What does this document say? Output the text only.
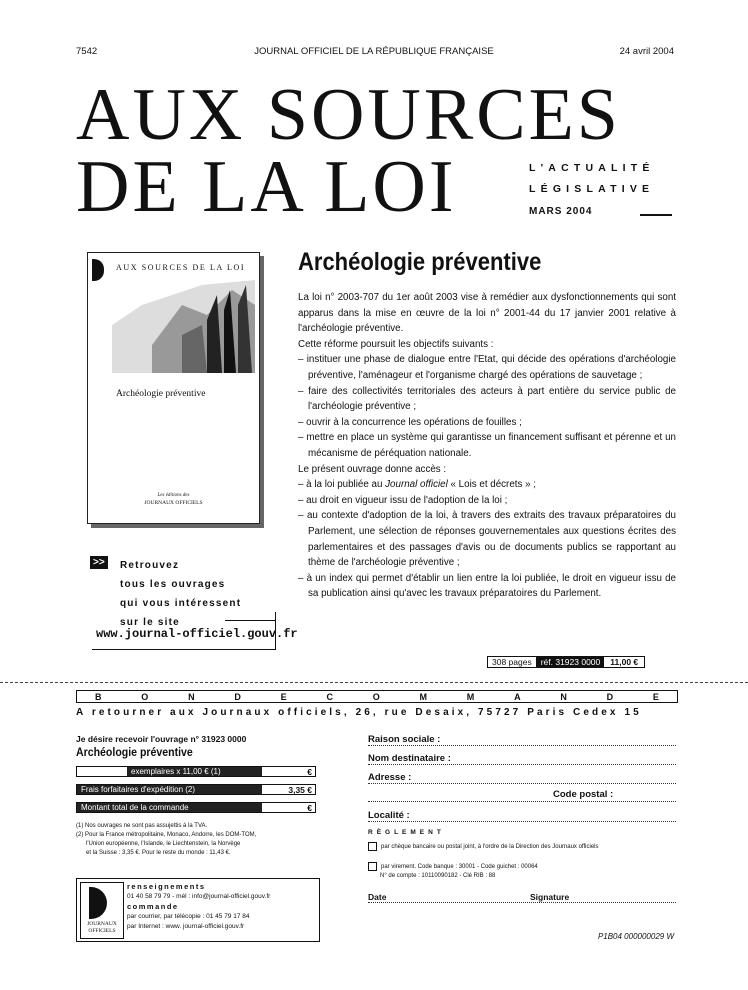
7542	JOURNAL OFFICIEL DE LA RÉPUBLIQUE FRANÇAISE	24 avril 2004
AUX SOURCES
DE LA LOI	L'ACTUALITÉ
LÉGISLATIVE
MARS 2004
AUX SOURCES DE LA LOI
Archéologie préventive
Les éditions des
JOURNAUX OFFICIELS
Archéologie préventive

La loi n° 2003-707 du 1er août 2003 vise à remédier aux dysfonctionnements qui sont apparus dans la mise en œuvre de la loi n° 2001-44 du 17 janvier 2001 relative à l'archéologie préventive.

Cette réforme poursuit les objectifs suivants :

– instituer une phase de dialogue entre l'Etat, qui décide des opérations d'archéologie préventive, l'aménageur et l'organisme chargé des opérations de sauvetage ;

– faire des collectivités territoriales des acteurs à part entière du service public de l'archéologie préventive ;

– ouvrir à la concurrence les opérations de fouilles ;

– mettre en place un système qui garantisse un financement suffisant et pérenne et un mécanisme de péréquation nationale.

Le présent ouvrage donne accès :

– à la loi publiée au Journal officiel « Lois et décrets » ;

– au droit en vigueur issu de l'adoption de la loi ;

– au contexte d'adoption de la loi, à travers des extraits des travaux préparatoires du Parlement, une sélection de réponses gouvernementales aux questions écrites des parlementaires et des passages d'avis ou de documents publics se rapportant au thème de l'archéologie préventive ;

– à un index qui permet d'établir un lien entre la loi publiée, le droit en vigueur issu de sa publication ainsi qu'avec les travaux préparatoires du Parlement.

>>	Retrouvez
tous les ouvrages
qui vous intéressent
sur le site
www.journal-officiel.gouv.fr
308 pages	réf. 31923 0000	11,00 €
B	O	N	D	E	C	O	M	M	A	N	D	E
A retourner aux Journaux officiels, 26, rue Desaix, 75727 Paris Cedex 15
Je désire recevoir l'ouvrage n° 31923 0000
Archéologie préventive
exemplaires x 11,00 € (1)	€
Frais forfaitaires d'expédition (2)	3,35 €
Montant total de la commande	€
(1) Nos ouvrages ne sont pas assujettis à la TVA.
(2) Pour la France métropolitaine, Monaco, Andorre, les DOM-TOM,
l'Union européenne, l'Islande, le Liechtenstein, la Norvège
et la Suisse : 3,35 €. Pour le reste du monde : 11,43 €.
JOURNAUX
OFFICIELS
renseignements
01 40 58 79 79 - mél : info@journal-officiel.gouv.fr
commande
par courrier, par télécopie : 01 45 79 17 84
par Internet : www. journal-officiel.gouv.fr
Raison sociale :
Nom destinataire :
Adresse :
Code postal :
Localité :
RÈGLEMENT
par chèque bancaire ou postal joint, à l'ordre de la Direction des Journaux officiels
par virement. Code banque : 30001 - Code guichet : 00064
N° de compte : 10110090182 - Clé RIB : 88
Date	Signature
P1B04 000000029 W
